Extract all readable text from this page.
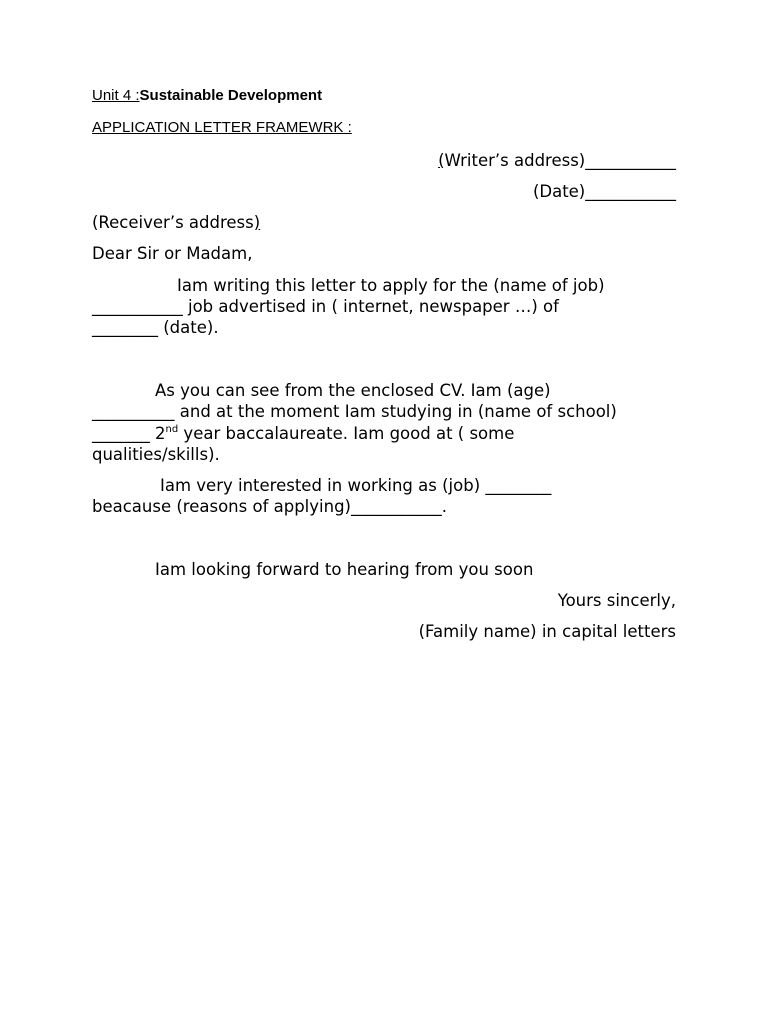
Unit 4 :Sustainable Development
APPLICATION LETTER FRAMEWRK :
(Writer’s address)___________
(Date)___________
(Receiver’s address)
Dear Sir or Madam,
Iam writing this letter to apply for the (name of job)
___________ job advertised in ( internet, newspaper …) of
________ (date).
As you can see from the enclosed CV. Iam (age)
__________ and at the moment Iam studying in (name of school)
_______ 2nd year baccalaureate. Iam good at ( some
qualities/skills).
Iam very interested in working as (job) ________
beacause (reasons of applying)___________.
Iam looking forward to hearing from you soon
Yours sincerly,
(Family name) in capital letters
